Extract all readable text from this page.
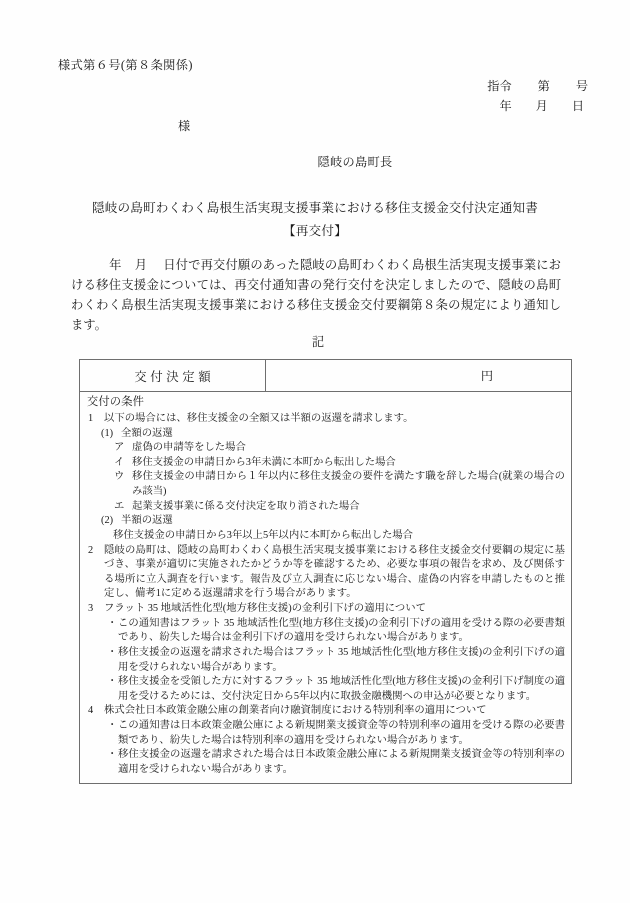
様式第６号(第８条関係)
指令 第 号
年 月 日
様
隠岐の島町長
隠岐の島町わくわく島根生活実現支援事業における移住支援金交付決定通知書
【再交付】
年 月 日付で再交付願のあった隠岐の島町わくわく島根生活実現支援事業における移住支援金については、再交付通知書の発行交付を決定しましたので、隠岐の島町わくわく島根生活実現支援事業における移住支援金交付要綱第８条の規定により通知します。
記
交付決定額	円
交付の条件
1 以下の場合には、移住支援金の全額又は半額の返還を請求します。
(1) 全額の返還
ア 虚偽の申請等をした場合
イ 移住支援金の申請日から3年未満に本町から転出した場合
ウ 移住支援金の申請日から１年以内に移住支援金の要件を満たす職を辞した場合(就業の場合のみ該当)
エ 起業支援事業に係る交付決定を取り消された場合
(2) 半額の返還
移住支援金の申請日から3年以上5年以内に本町から転出した場合
2 隠岐の島町は、隠岐の島町わくわく島根生活実現支援事業における移住支援金交付要綱の規定に基づき、事業が適切に実施されたかどうか等を確認するため、必要な事項の報告を求め、及び関係する場所に立入調査を行います。報告及び立入調査に応じない場合、虚偽の内容を申請したものと推定し、備考1に定める返還請求を行う場合があります。
3 フラット 35 地域活性化型(地方移住支援)の金利引下げの適用について
・ この通知書はフラット 35 地域活性化型(地方移住支援)の金利引下げの適用を受ける際の必要書類であり、紛失した場合は金利引下げの適用を受けられない場合があります。
・ 移住支援金の返還を請求された場合はフラット 35 地域活性化型(地方移住支援)の金利引下げの適用を受けられない場合があります。
・ 移住支援金を受領した方に対するフラット 35 地域活性化型(地方移住支援)の金利引下げ制度の適用を受けるためには、交付決定日から5年以内に取扱金融機関への申込が必要となります。
4 株式会社日本政策金融公庫の創業者向け融資制度における特別利率の適用について
・ この通知書は日本政策金融公庫による新規開業支援資金等の特別利率の適用を受ける際の必要書類であり、紛失した場合は特別利率の適用を受けられない場合があります。
・ 移住支援金の返還を請求された場合は日本政策金融公庫による新規開業支援資金等の特別利率の適用を受けられない場合があります。
